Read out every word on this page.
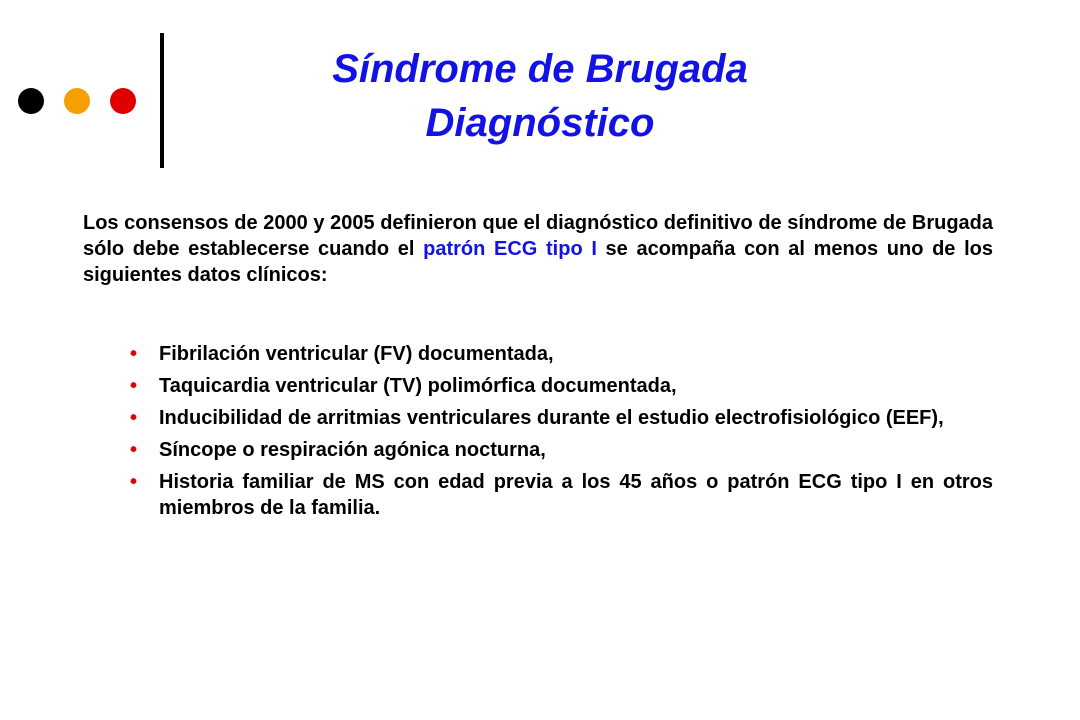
Síndrome de Brugada
Diagnóstico

Los consensos de 2000 y 2005 definieron que el diagnóstico definitivo de síndrome de Brugada sólo debe establecerse cuando el patrón ECG tipo I se acompaña con al menos uno de los siguientes datos clínicos:

• Fibrilación ventricular (FV) documentada,
• Taquicardia ventricular (TV) polimórfica documentada,
• Inducibilidad de arritmias ventriculares durante el estudio electrofisiológico (EEF),
• Síncope o respiración agónica nocturna,
• Historia familiar de MS con edad previa a los 45 años o patrón ECG tipo I en otros miembros de la familia.
